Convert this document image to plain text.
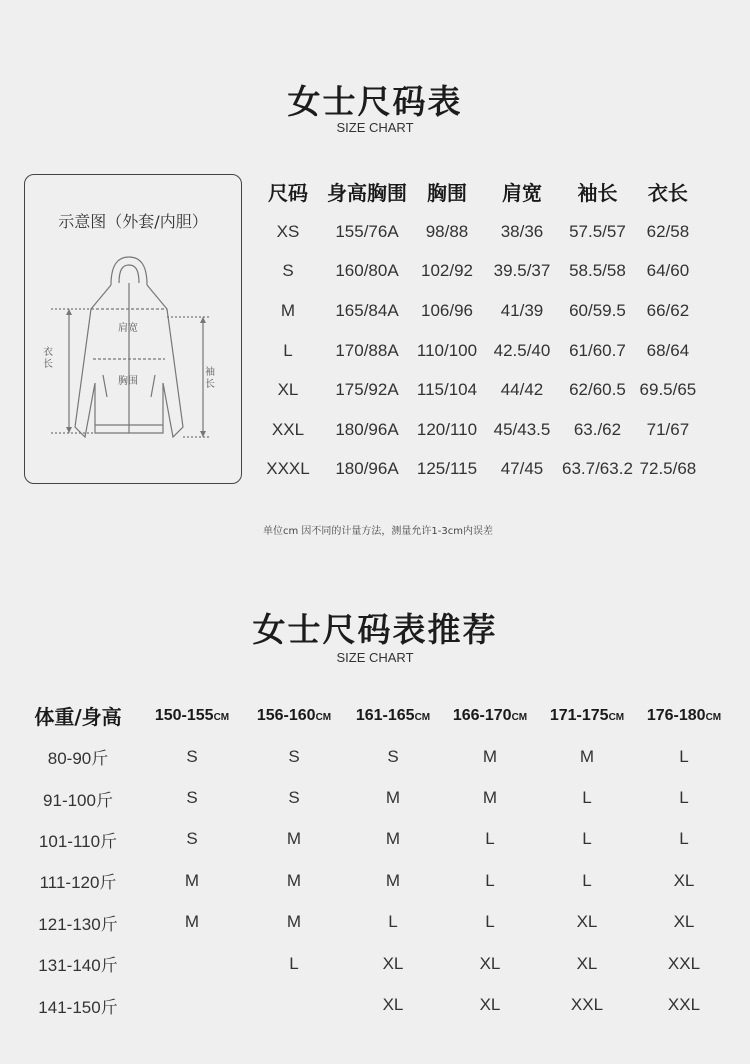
女士尺码表
SIZE CHART
示意图（外套/内胆）
肩宽
胸围
衣长
袖长
尺码	身高胸围	胸围	肩宽	袖长	衣长
XS	155/76A	98/88	38/36	57.5/57	62/58
S	160/80A	102/92	39.5/37	58.5/58	64/60
M	165/84A	106/96	41/39	60/59.5	66/62
L	170/88A	110/100	42.5/40	61/60.7	68/64
XL	175/92A	115/104	44/42	62/60.5	69.5/65
XXL	180/96A	120/110	45/43.5	63./62	71/67
XXXL	180/96A	125/115	47/45	63.7/63.2	72.5/68
单位cm 因不同的计量方法，测量允许1-3cm内误差
女士尺码表推荐
SIZE CHART
体重/身高	150-155CM	156-160CM	161-165CM	166-170CM	171-175CM	176-180CM
80-90斤	S	S	S	M	M	L
91-100斤	S	S	M	M	L	L
101-110斤	S	M	M	L	L	L
111-120斤	M	M	M	L	L	XL
121-130斤	M	M	L	L	XL	XL
131-140斤		L	XL	XL	XL	XXL
141-150斤			XL	XL	XXL	XXL
